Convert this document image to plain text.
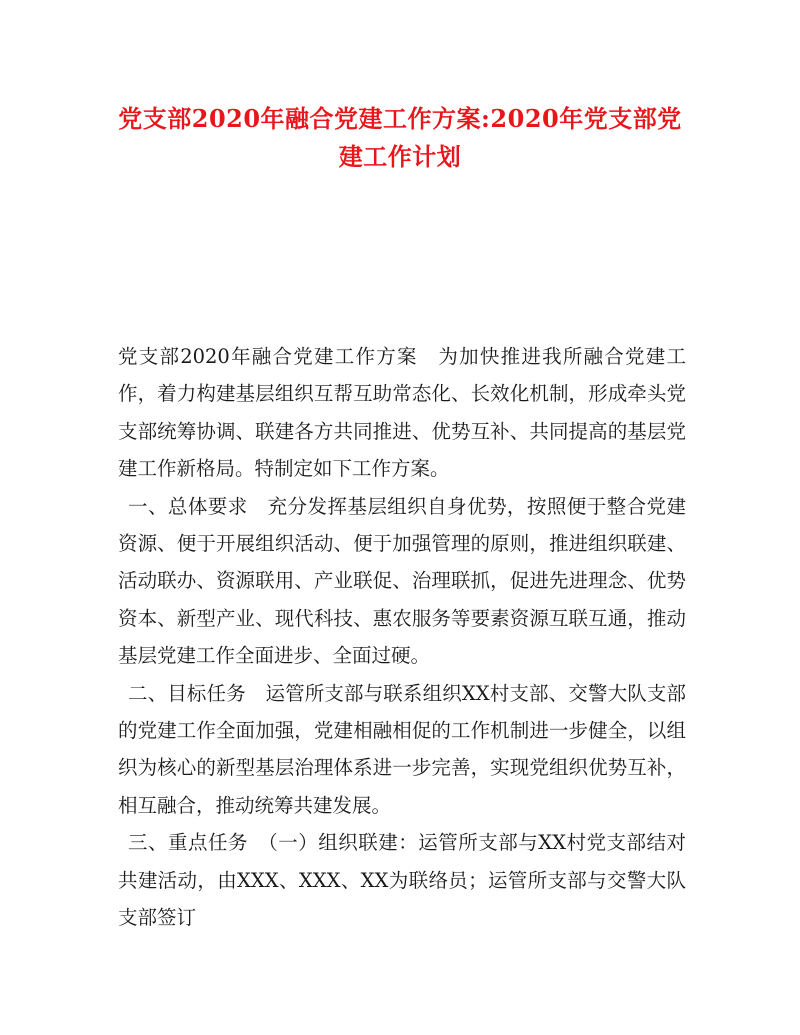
党支部2020年融合党建工作方案:2020年党支部党建工作计划

党支部2020年融合党建工作方案　为加快推进我所融合党建工作，着力构建基层组织互帮互助常态化、长效化机制，形成牵头党支部统筹协调、联建各方共同推进、优势互补、共同提高的基层党建工作新格局。特制定如下工作方案。

一、总体要求　充分发挥基层组织自身优势，按照便于整合党建资源、便于开展组织活动、便于加强管理的原则，推进组织联建、活动联办、资源联用、产业联促、治理联抓，促进先进理念、优势资本、新型产业、现代科技、惠农服务等要素资源互联互通，推动基层党建工作全面进步、全面过硬。

二、目标任务　运管所支部与联系组织XX村支部、交警大队支部的党建工作全面加强，党建相融相促的工作机制进一步健全，以组织为核心的新型基层治理体系进一步完善，实现党组织优势互补，相互融合，推动统筹共建发展。

三、重点任务　（一）组织联建：运管所支部与XX村党支部结对共建活动，由XXX、XXX、XX为联络员；运管所支部与交警大队支部签订
